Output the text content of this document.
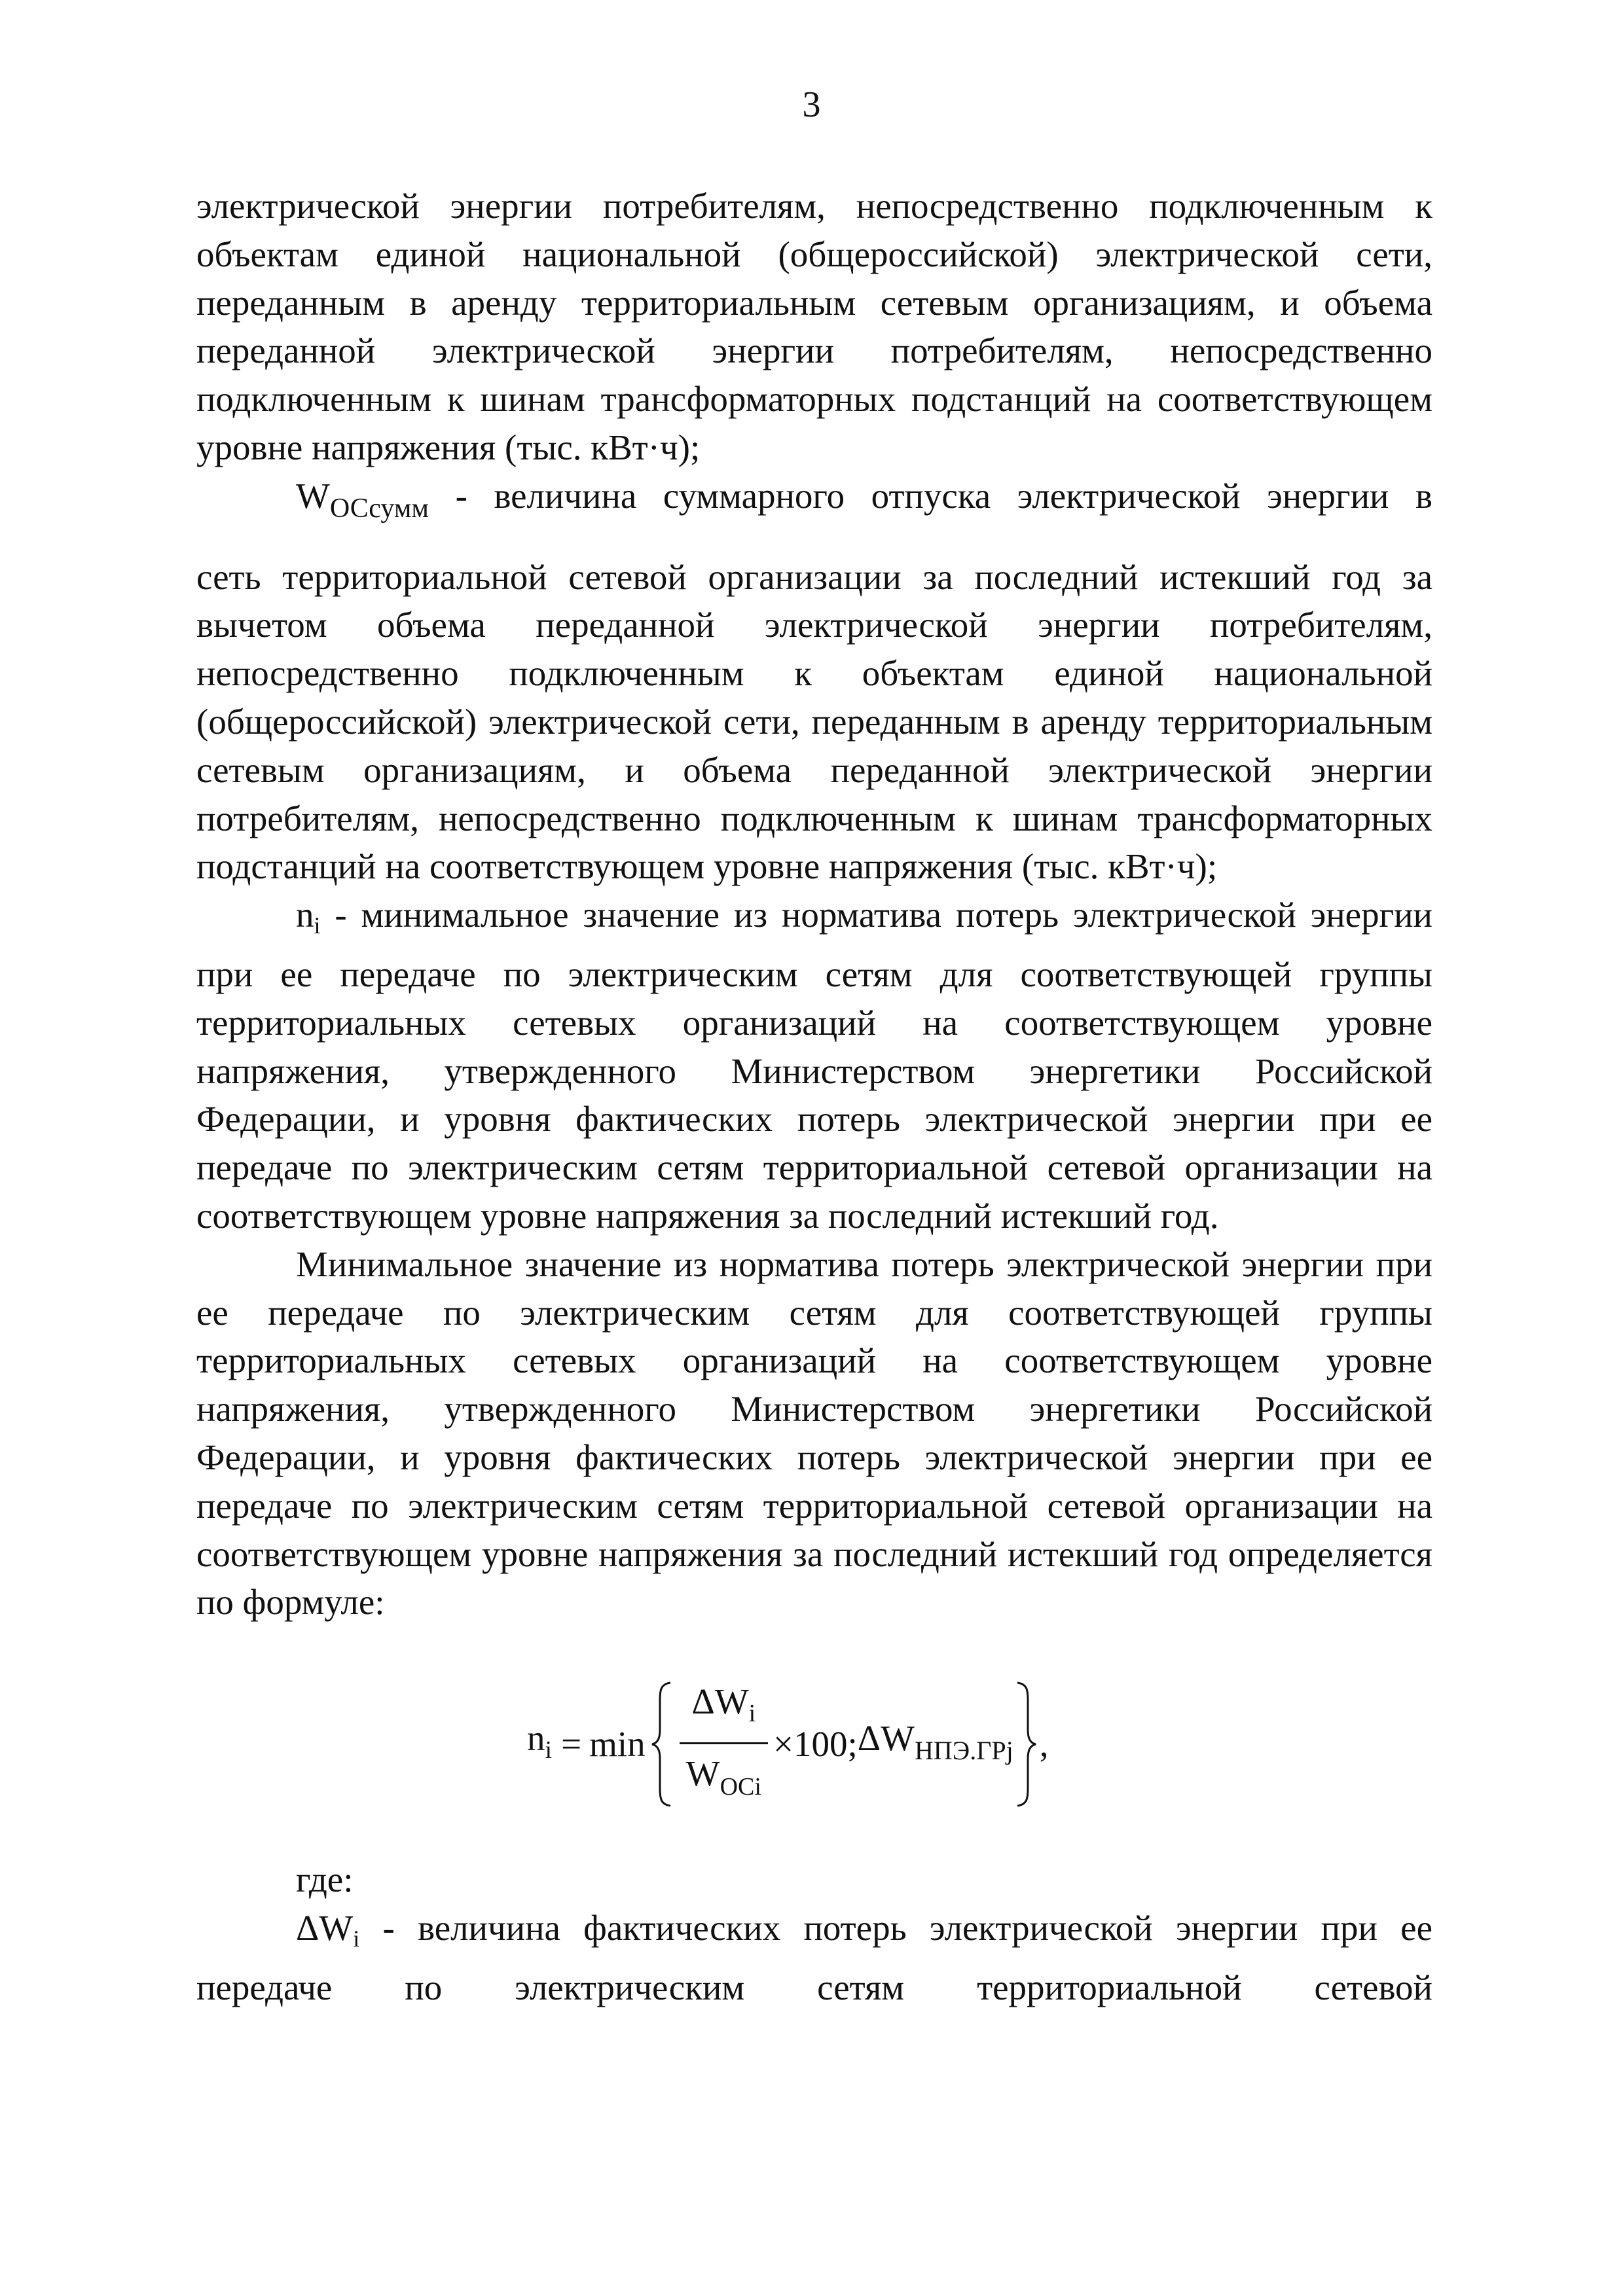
3

электрической энергии потребителям, непосредственно подключенным к объектам единой национальной (общероссийской) электрической сети, переданным в аренду территориальным сетевым организациям, и объема переданной электрической энергии потребителям, непосредственно подключенным к шинам трансформаторных подстанций на соответствующем уровне напряжения (тыс. кВт·ч);

$W_{ОСсумм}$ - величина суммарного отпуска электрической энергии в

сеть территориальной сетевой организации за последний истекший год за вычетом объема переданной электрической энергии потребителям, непосредственно подключенным к объектам единой национальной (общероссийской) электрической сети, переданным в аренду территориальным сетевым организациям, и объема переданной электрической энергии потребителям, непосредственно подключенным к шинам трансформаторных подстанций на соответствующем уровне напряжения (тыс. кВт·ч);

$n_i$ - минимальное значение из норматива потерь электрической энергии при ее передаче по электрическим сетям для соответствующей группы территориальных сетевых организаций на соответствующем уровне напряжения, утвержденного Министерством энергетики Российской Федерации, и уровня фактических потерь электрической энергии при ее передаче по электрическим сетям территориальной сетевой организации на соответствующем уровне напряжения за последний истекший год.

Минимальное значение из норматива потерь электрической энергии при ее передаче по электрическим сетям для соответствующей группы территориальных сетевых организаций на соответствующем уровне напряжения, утвержденного Министерством энергетики Российской Федерации, и уровня фактических потерь электрической энергии при ее передаче по электрическим сетям территориальной сетевой организации на соответствующем уровне напряжения за последний истекший год определяется по формуле:

$n_i = \min \frac{\Delta W_i}{W_{OCi}} \times 100$; $\Delta W_{НПЭ.ГРj}$ ,

где:

$\Delta W_i$ - величина фактических потерь электрической энергии при ее передаче по электрическим сетям территориальной сетевой
